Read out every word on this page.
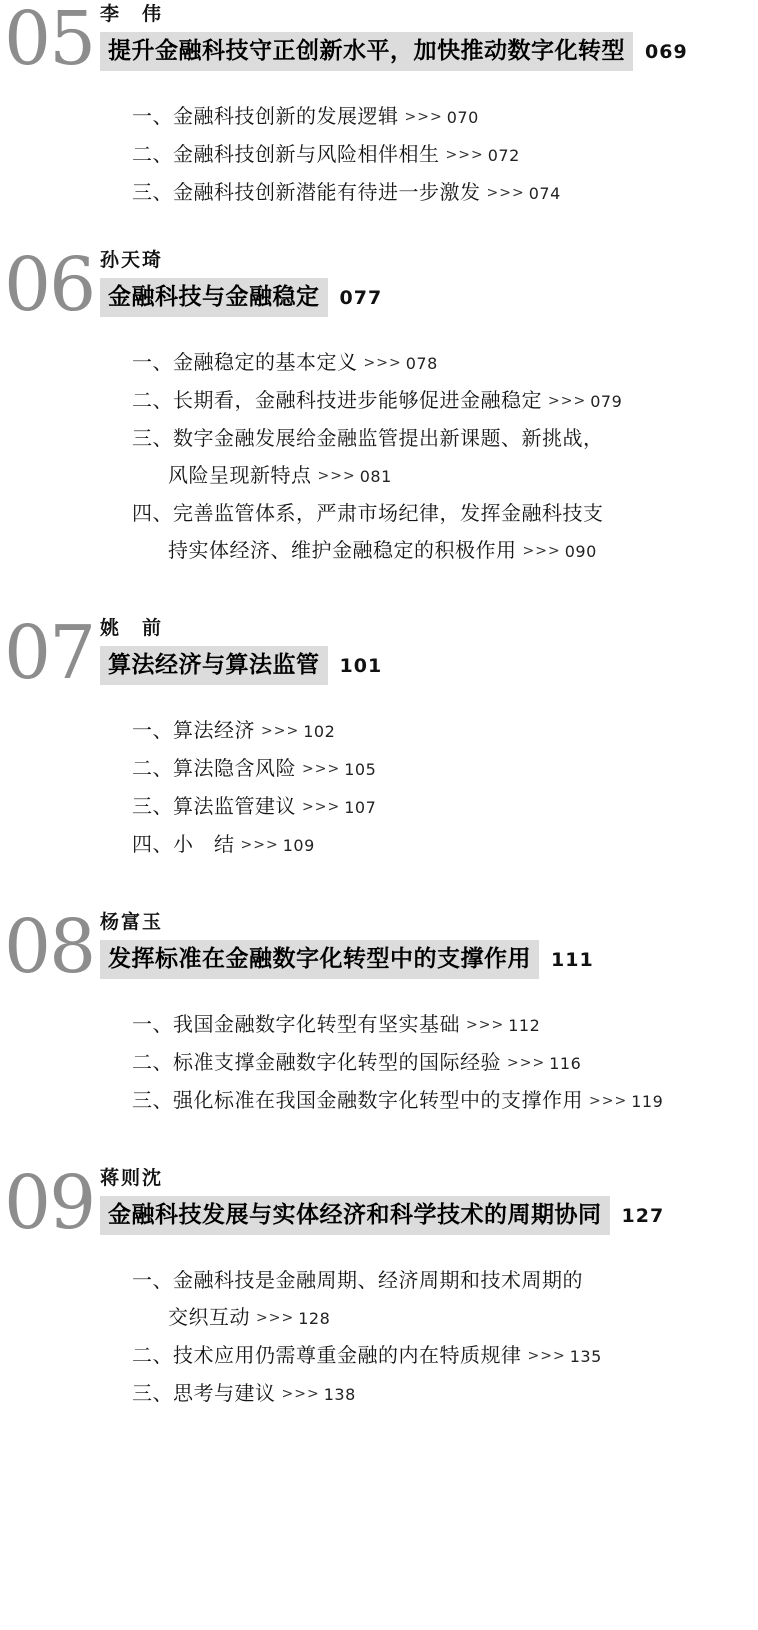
05 李　伟
提升金融科技守正创新水平，加快推动数字化转型	069
一、金融科技创新的发展逻辑 >>> 070
二、金融科技创新与风险相伴相生 >>> 072
三、金融科技创新潜能有待进一步激发 >>> 074
06 孙天琦
金融科技与金融稳定	077
一、金融稳定的基本定义 >>> 078
二、长期看，金融科技进步能够促进金融稳定 >>> 079
三、数字金融发展给金融监管提出新课题、新挑战，
风险呈现新特点 >>> 081
四、完善监管体系，严肃市场纪律，发挥金融科技支
持实体经济、维护金融稳定的积极作用 >>> 090
07 姚　前
算法经济与算法监管	101
一、算法经济 >>> 102
二、算法隐含风险 >>> 105
三、算法监管建议 >>> 107
四、小　结 >>> 109
08 杨富玉
发挥标准在金融数字化转型中的支撑作用	111
一、我国金融数字化转型有坚实基础 >>> 112
二、标准支撑金融数字化转型的国际经验 >>> 116
三、强化标准在我国金融数字化转型中的支撑作用 >>> 119
09 蒋则沈
金融科技发展与实体经济和科学技术的周期协同	127
一、金融科技是金融周期、经济周期和技术周期的
交织互动 >>> 128
二、技术应用仍需尊重金融的内在特质规律 >>> 135
三、思考与建议 >>> 138
